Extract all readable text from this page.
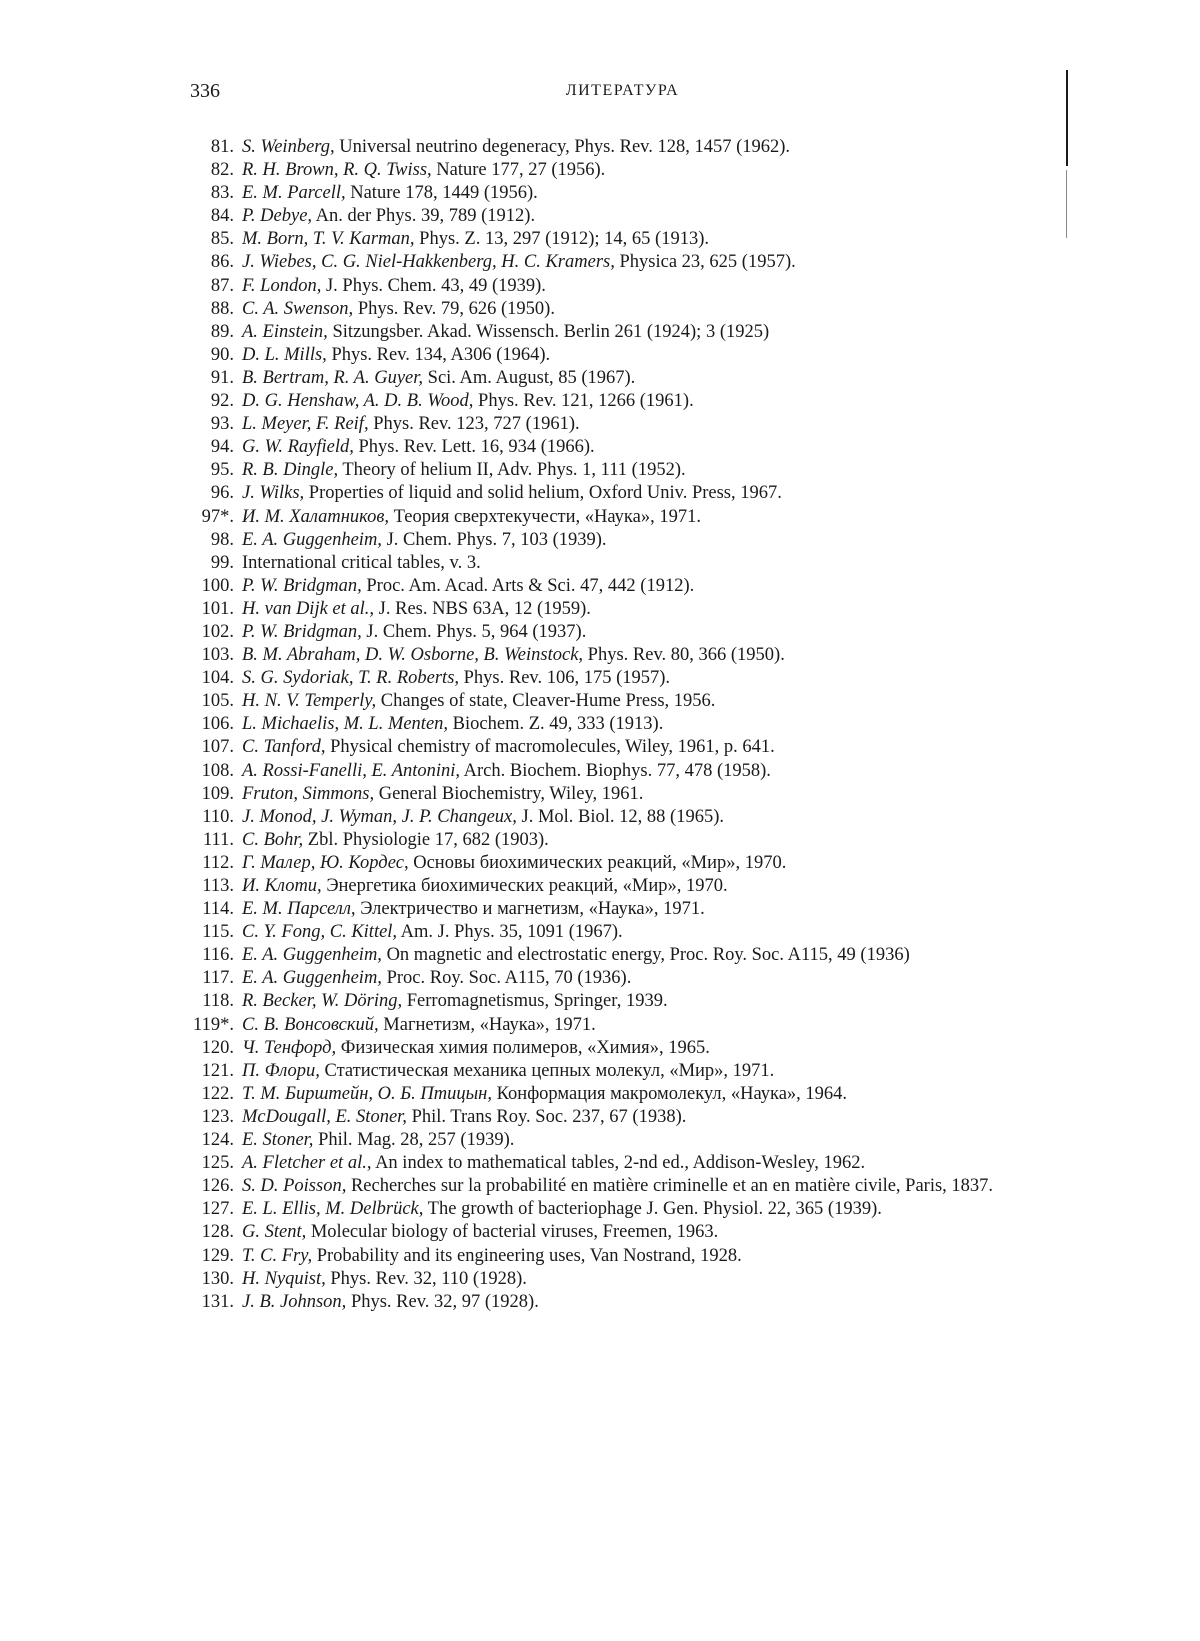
336	ЛИТЕРАТУРА
81. S. Weinberg, Universal neutrino degeneracy, Phys. Rev. 128, 1457 (1962).
82. R. H. Brown, R. Q. Twiss, Nature 177, 27 (1956).
83. E. M. Parcell, Nature 178, 1449 (1956).
84. P. Debye, An. der Phys. 39, 789 (1912).
85. M. Born, T. V. Karman, Phys. Z. 13, 297 (1912); 14, 65 (1913).
86. J. Wiebes, C. G. Niel-Hakkenberg, H. C. Kramers, Physica 23, 625 (1957).
87. F. London, J. Phys. Chem. 43, 49 (1939).
88. C. A. Swenson, Phys. Rev. 79, 626 (1950).
89. A. Einstein, Sitzungsber. Akad. Wissensch. Berlin 261 (1924); 3 (1925)
90. D. L. Mills, Phys. Rev. 134, A306 (1964).
91. B. Bertram, R. A. Guyer, Sci. Am. August, 85 (1967).
92. D. G. Henshaw, A. D. B. Wood, Phys. Rev. 121, 1266 (1961).
93. L. Meyer, F. Reif, Phys. Rev. 123, 727 (1961).
94. G. W. Rayfield, Phys. Rev. Lett. 16, 934 (1966).
95. R. B. Dingle, Theory of helium II, Adv. Phys. 1, 111 (1952).
96. J. Wilks, Properties of liquid and solid helium, Oxford Univ. Press, 1967.
97*. И. М. Халатников, Теория сверхтекучести, «Наука», 1971.
98. E. A. Guggenheim, J. Chem. Phys. 7, 103 (1939).
99. International critical tables, v. 3.
100. P. W. Bridgman, Proc. Am. Acad. Arts & Sci. 47, 442 (1912).
101. H. van Dijk et al., J. Res. NBS 63A, 12 (1959).
102. P. W. Bridgman, J. Chem. Phys. 5, 964 (1937).
103. B. M. Abraham, D. W. Osborne, B. Weinstock, Phys. Rev. 80, 366 (1950).
104. S. G. Sydoriak, T. R. Roberts, Phys. Rev. 106, 175 (1957).
105. H. N. V. Temperly, Changes of state, Cleaver-Hume Press, 1956.
106. L. Michaelis, M. L. Menten, Biochem. Z. 49, 333 (1913).
107. C. Tanford, Physical chemistry of macromolecules, Wiley, 1961, p. 641.
108. A. Rossi-Fanelli, E. Antonini, Arch. Biochem. Biophys. 77, 478 (1958).
109. Fruton, Simmons, General Biochemistry, Wiley, 1961.
110. J. Monod, J. Wyman, J. P. Changeux, J. Mol. Biol. 12, 88 (1965).
111. C. Bohr, Zbl. Physiologie 17, 682 (1903).
112. Г. Малер, Ю. Кордес, Основы биохимических реакций, «Мир», 1970.
113. И. Клоти, Энергетика биохимических реакций, «Мир», 1970.
114. Е. М. Парселл, Электричество и магнетизм, «Наука», 1971.
115. C. Y. Fong, C. Kittel, Am. J. Phys. 35, 1091 (1967).
116. E. A. Guggenheim, On magnetic and electrostatic energy, Proc. Roy. Soc. A115, 49 (1936)
117. E. A. Guggenheim, Proc. Roy. Soc. A115, 70 (1936).
118. R. Becker, W. Döring, Ferromagnetismus, Springer, 1939.
119*. С. В. Вонсовский, Магнетизм, «Наука», 1971.
120. Ч. Тенфорд, Физическая химия полимеров, «Химия», 1965.
121. П. Флори, Статистическая механика цепных молекул, «Мир», 1971.
122. Т. М. Бирштейн, О. Б. Птицын, Конформация макромолекул, «Наука», 1964.
123. McDougall, E. Stoner, Phil. Trans Roy. Soc. 237, 67 (1938).
124. E. Stoner, Phil. Mag. 28, 257 (1939).
125. A. Fletcher et al., An index to mathematical tables, 2-nd ed., Addison-Wesley, 1962.
126. S. D. Poisson, Recherches sur la probabilité en matière criminelle et an en matière civile, Paris, 1837.
127. E. L. Ellis, M. Delbrück, The growth of bacteriophage J. Gen. Physiol. 22, 365 (1939).
128. G. Stent, Molecular biology of bacterial viruses, Freemen, 1963.
129. T. C. Fry, Probability and its engineering uses, Van Nostrand, 1928.
130. H. Nyquist, Phys. Rev. 32, 110 (1928).
131. J. B. Johnson, Phys. Rev. 32, 97 (1928).
